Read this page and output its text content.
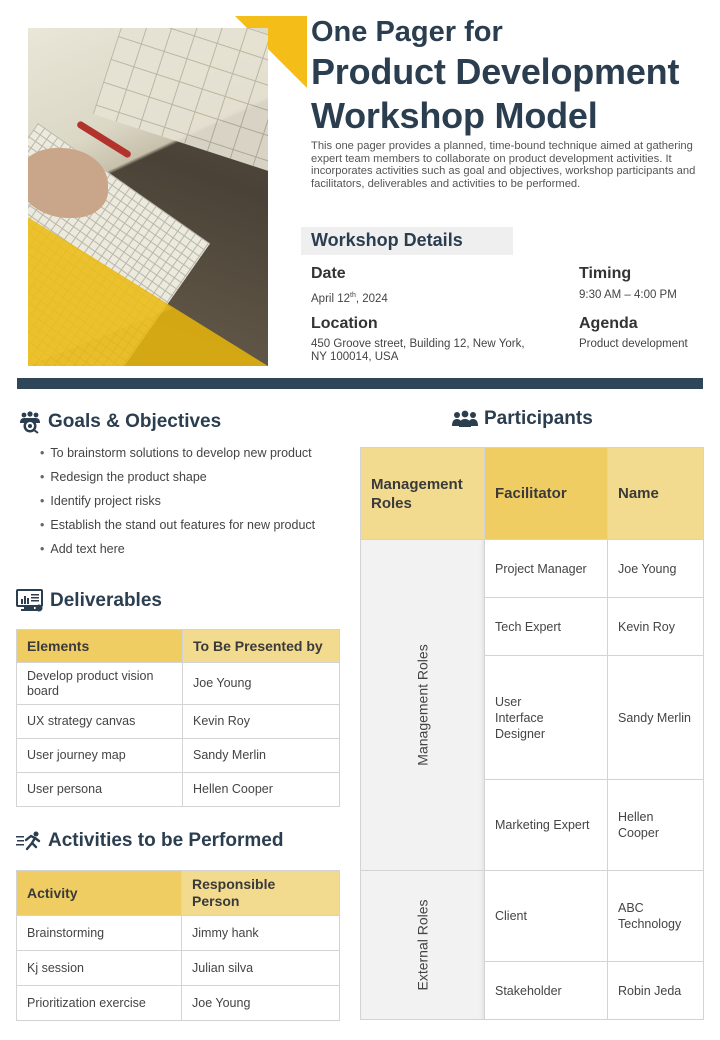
One Pager for
Product Development
Workshop Model
This one pager provides a planned, time-bound technique aimed at gathering expert team members to collaborate on product development activities. It incorporates activities such as goal and objectives, workshop participants and facilitators, deliverables and activities to be performed.
Workshop Details
Date
April 12th, 2024
Timing
9:30 AM – 4:00 PM
Location
450 Groove street, Building 12, New York,
NY 100014, USA
Agenda
Product development
Goals & Objectives
• To brainstorm solutions to develop new product
• Redesign the product shape
• Identify project risks
• Establish the stand out features for new product
• Add text here
Deliverables
Elements	To Be Presented by
Develop product vision board	Joe Young
UX strategy canvas	Kevin Roy
User journey map	Sandy Merlin
User persona	Hellen Cooper
Activities to be Performed
Activity	Responsible Person
Brainstorming	Jimmy hank
Kj session	Julian silva
Prioritization exercise	Joe Young
Participants
Management Roles	Facilitator	Name
Management Roles	Project Manager	Joe Young
	Tech Expert	Kevin Roy
	User Interface Designer	Sandy Merlin
	Marketing Expert	Hellen Cooper
External Roles	Client	ABC Technology
	Stakeholder	Robin Jeda
